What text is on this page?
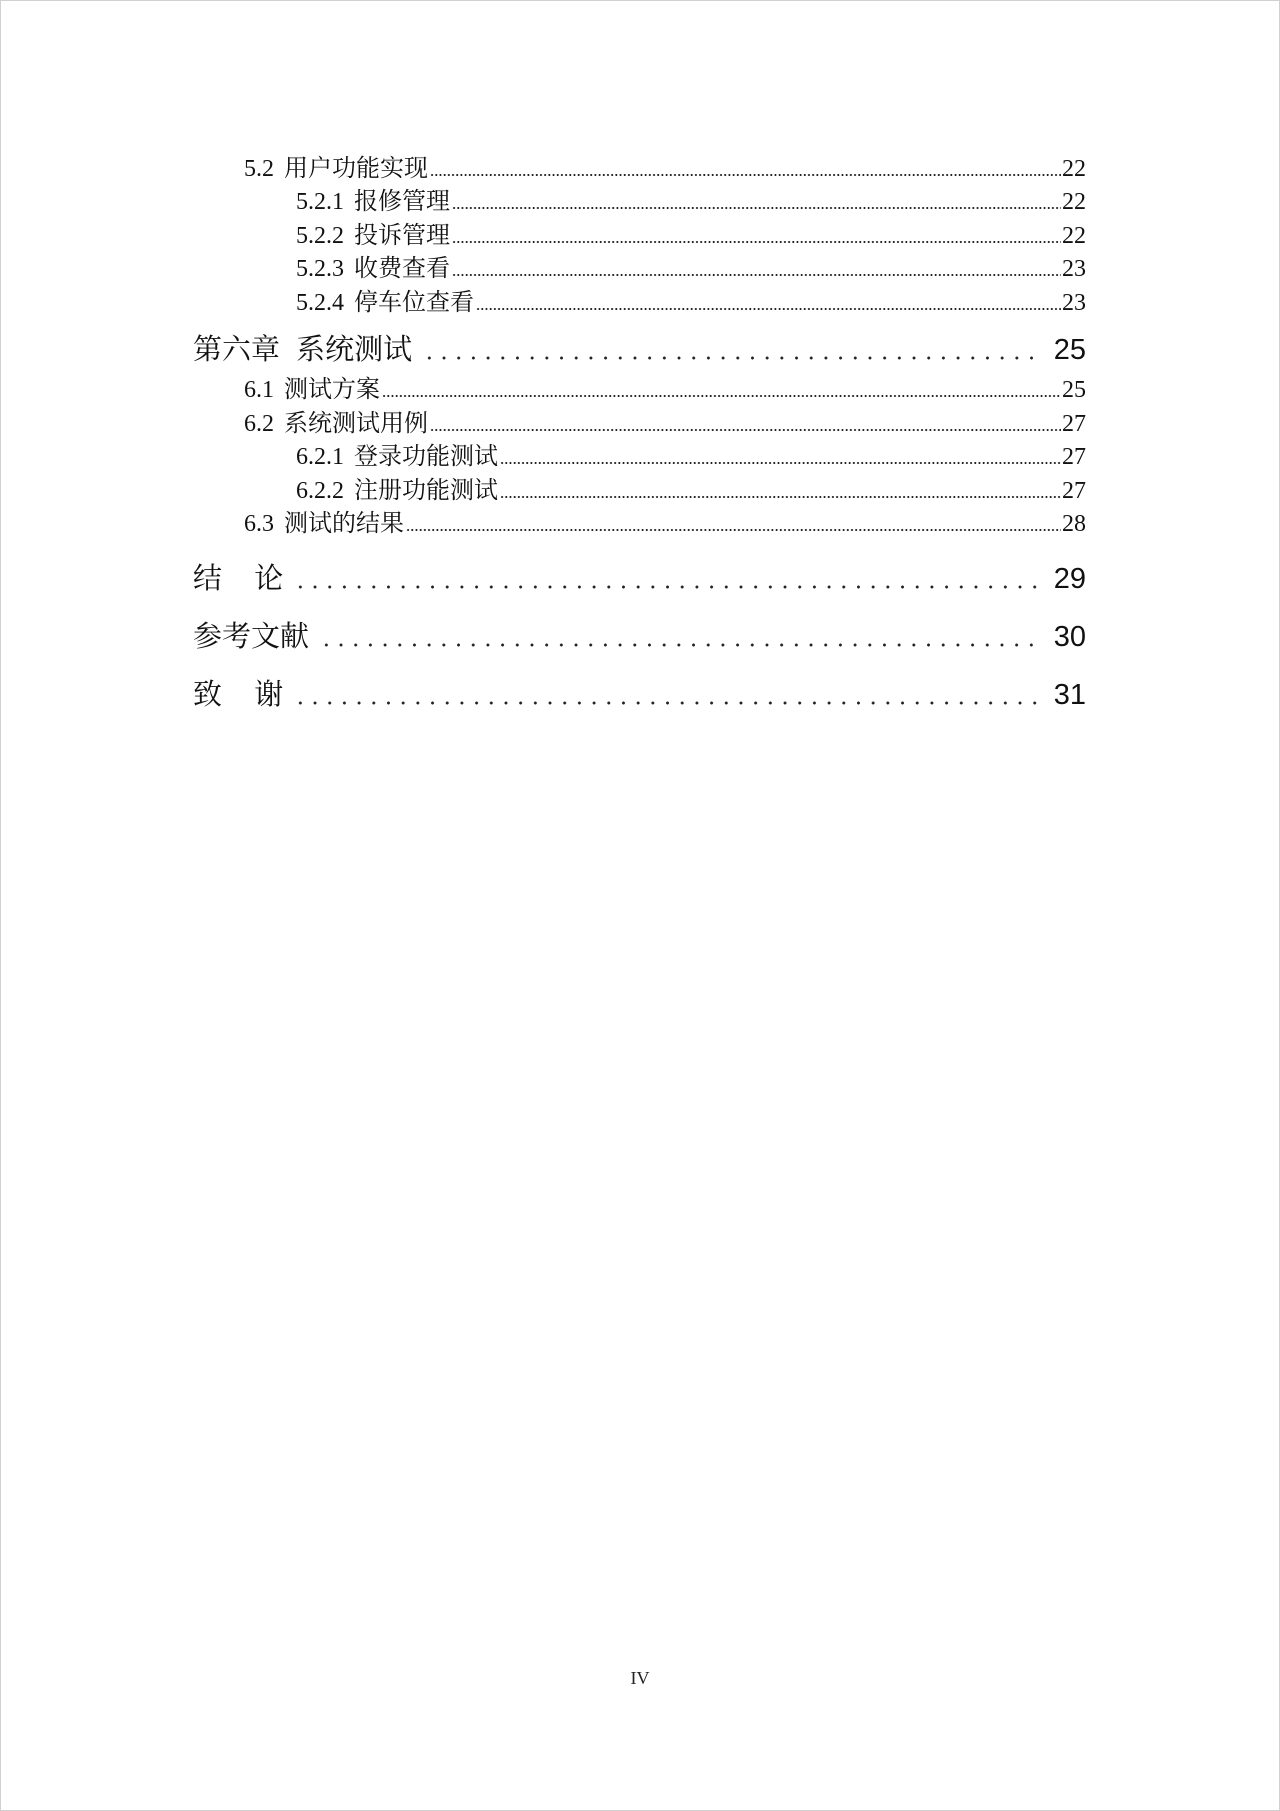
5.2 用户功能实现	22
5.2.1 报修管理	22
5.2.2 投诉管理	22
5.2.3 收费查看	23
5.2.4 停车位查看	23
第六章  系统测试	25
6.1 测试方案	25
6.2 系统测试用例	27
6.2.1 登录功能测试	27
6.2.2 注册功能测试	27
6.3 测试的结果	28
结    论	29
参考文献	30
致    谢	31
IV
